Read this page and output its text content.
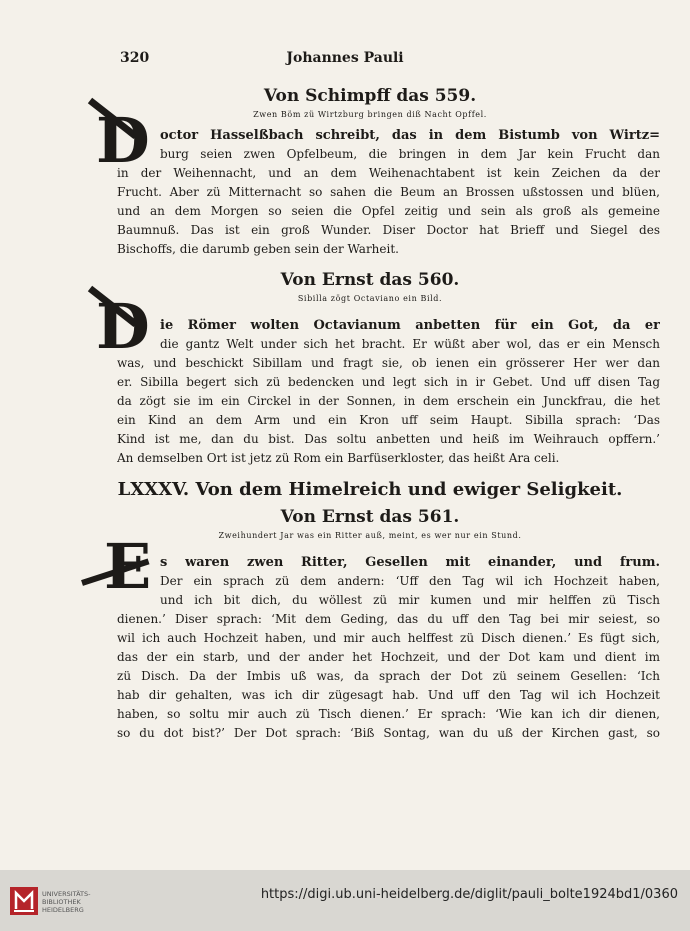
320	Johannes Pauli
Von Schimpff das 559.
Zwen Böm zü Wirtzburg bringen diß Nacht Opffel.
D octor Hasselßbach schreibt, das in dem Bistumb von Wirtz=
burg seien zwen Opfelbeum, die bringen in dem Jar kein Frucht dan
in der Weihennacht, und an dem Weihenachtabent ist kein Zeichen da der
Frucht. Aber zü Mitternacht so sahen die Beum an Brossen ußstossen und blüen,
und an dem Morgen so seien die Opfel zeitig und sein als groß als gemeine
Baumnuß. Das ist ein groß Wunder. Diser Doctor hat Brieff und Siegel des
Bischoffs, die darumb geben sein der Warheit.
Von Ernst das 560.
Sibilla zögt Octaviano ein Bild.
D ie Römer wolten Octavianum anbetten für ein Got, da er
die gantz Welt under sich het bracht. Er wüßt aber wol, das er ein Mensch
was, und beschickt Sibillam und fragt sie, ob ienen ein grösserer Her wer dan
er. Sibilla begert sich zü bedencken und legt sich in ir Gebet. Und uff disen Tag
da zögt sie im ein Circkel in der Sonnen, in dem erschein ein Junckfrau, die het
ein Kind an dem Arm und ein Kron uff seim Haupt. Sibilla sprach: ‘Das
Kind ist me, dan du bist. Das soltu anbetten und heiß im Weihrauch opffern.’
An demselben Ort ist jetz zü Rom ein Barfüserkloster, das heißt Ara celi.
LXXXV. Von dem Himelreich und ewiger Seligkeit.
Von Ernst das 561.
Zweihundert Jar was ein Ritter auß, meint, es wer nur ein Stund.
E s waren zwen Ritter, Gesellen mit einander, und frum.
Der ein sprach zü dem andern: ‘Uff den Tag wil ich Hochzeit haben,
und ich bit dich, du wöllest zü mir kumen und mir helffen zü Tisch
dienen.’ Diser sprach: ‘Mit dem Geding, das du uff den Tag bei mir seiest, so
wil ich auch Hochzeit haben, und mir auch helffest zü Disch dienen.’ Es fügt sich,
das der ein starb, und der ander het Hochzeit, und der Dot kam und dient im
zü Disch. Da der Imbis uß was, da sprach der Dot zü seinem Gesellen: ‘Ich
hab dir gehalten, was ich dir zügesagt hab. Und uff den Tag wil ich Hochzeit
haben, so soltu mir auch zü Tisch dienen.’ Er sprach: ‘Wie kan ich dir dienen,
so du dot bist?’ Der Dot sprach: ‘Biß Sontag, wan du uß der Kirchen gast, so
UNIVERSITÄTS-
BIBLIOTHEK
HEIDELBERG
https://digi.ub.uni-heidelberg.de/diglit/pauli_bolte1924bd1/0360
